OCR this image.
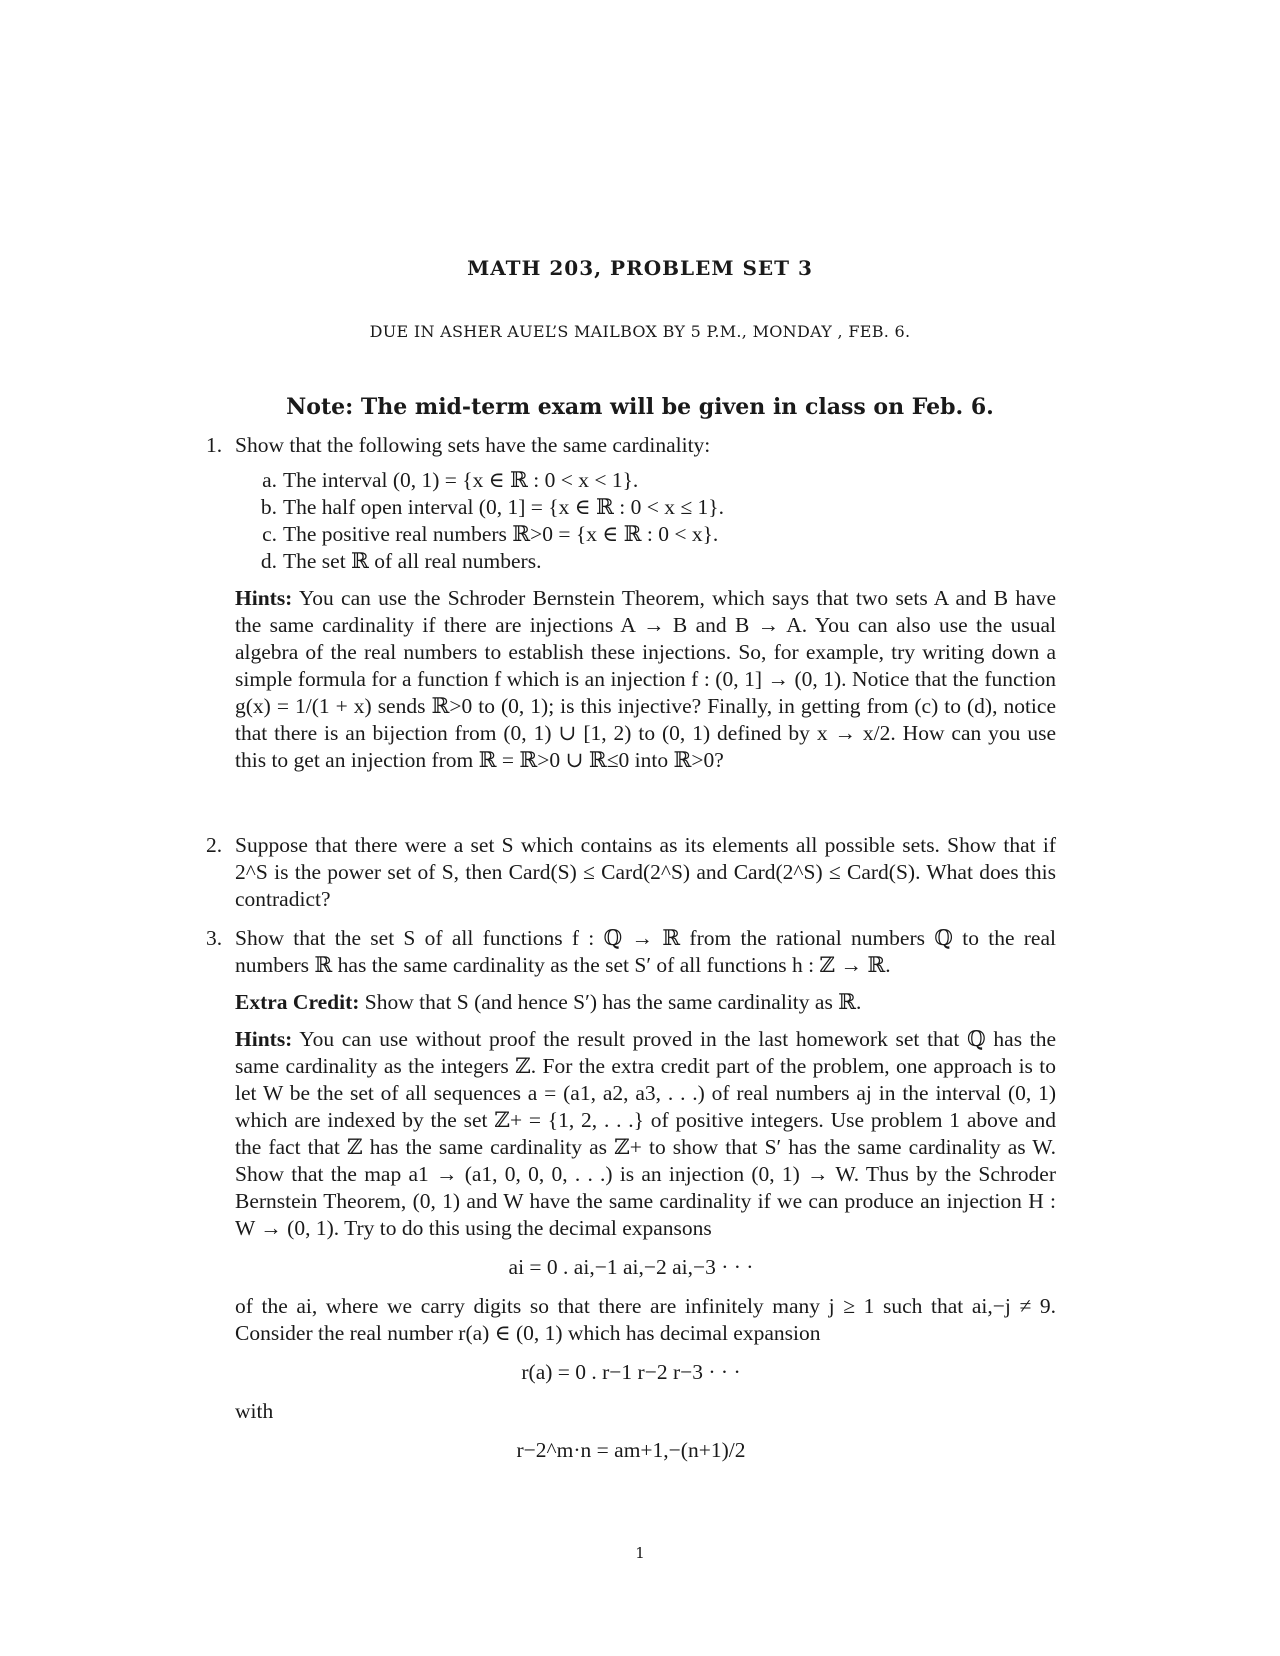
MATH 203, PROBLEM SET 3
DUE IN ASHER AUEL’S MAILBOX BY 5 P.M., MONDAY , FEB. 6.
Note: The mid-term exam will be given in class on Feb. 6.
1. Show that the following sets have the same cardinality:
a. The interval (0, 1) = {x ∈ ℝ : 0 < x < 1}.
b. The half open interval (0, 1] = {x ∈ ℝ : 0 < x ≤ 1}.
c. The positive real numbers ℝ>0 = {x ∈ ℝ : 0 < x}.
d. The set ℝ of all real numbers.
Hints: You can use the Schroder Bernstein Theorem, which says that two sets A and B have the same cardinality if there are injections A → B and B → A. You can also use the usual algebra of the real numbers to establish these injections. So, for example, try writing down a simple formula for a function f which is an injection f : (0, 1] → (0, 1). Notice that the function g(x) = 1/(1 + x) sends ℝ>0 to (0, 1); is this injective? Finally, in getting from (c) to (d), notice that there is an bijection from (0, 1) ∪ [1, 2) to (0, 1) defined by x → x/2. How can you use this to get an injection from ℝ = ℝ>0 ∪ ℝ≤0 into ℝ>0?
2. Suppose that there were a set S which contains as its elements all possible sets. Show that if 2^S is the power set of S, then Card(S) ≤ Card(2^S) and Card(2^S) ≤ Card(S). What does this contradict?
3. Show that the set S of all functions f : ℚ → ℝ from the rational numbers ℚ to the real numbers ℝ has the same cardinality as the set S′ of all functions h : ℤ → ℝ.
Extra Credit: Show that S (and hence S′) has the same cardinality as ℝ.
Hints: You can use without proof the result proved in the last homework set that ℚ has the same cardinality as the integers ℤ. For the extra credit part of the problem, one approach is to let W be the set of all sequences a = (a1, a2, a3, . . .) of real numbers aj in the interval (0, 1) which are indexed by the set ℤ+ = {1, 2, . . .} of positive integers. Use problem 1 above and the fact that ℤ has the same cardinality as ℤ+ to show that S′ has the same cardinality as W. Show that the map a1 → (a1, 0, 0, 0, . . .) is an injection (0, 1) → W. Thus by the Schroder Bernstein Theorem, (0, 1) and W have the same cardinality if we can produce an injection H : W → (0, 1). Try to do this using the decimal expansons
ai = 0 . ai,−1 ai,−2 ai,−3 · · ·
of the ai, where we carry digits so that there are infinitely many j ≥ 1 such that ai,−j ≠ 9. Consider the real number r(a) ∈ (0, 1) which has decimal expansion
r(a) = 0 . r−1 r−2 r−3 · · ·
with
r−2^m·n = am+1,−(n+1)/2
1
